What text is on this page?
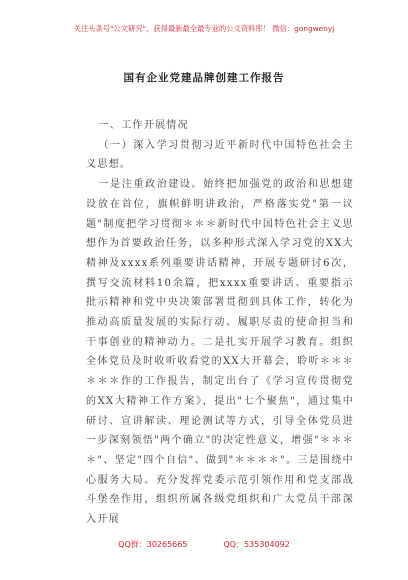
关注头条号"公文研究"，获得最新最全最专业的公文资料库！ 微信：gongwenyj
国有企业党建品牌创建工作报告

一、工作开展情况

（一）深入学习贯彻习近平新时代中国特色社会主义思想。

一是注重政治建设。始终把加强党的政治和思想建设放在首位，旗帜鲜明讲政治，严格落实党"第一议题"制度把学习贯彻＊＊＊新时代中国特色社会主义思想作为首要政治任务，以多种形式深入学习党的XX大精神及xxxx系列重要讲话精神，开展专题研讨6次，撰写交流材料10余篇，把xxxx重要讲话、重要指示批示精神和党中央决策部署贯彻到具体工作，转化为推动高质量发展的实际行动、履职尽责的使命担当和干事创业的精神动力。二是扎实开展学习教育。组织全体党员及时收听收看党的XX大开幕会，聆听＊＊＊＊＊＊作的工作报告，制定出台了《学习宣传贯彻党的XX大精神工作方案》，提出"七个聚焦"，通过集中研讨、宣讲解读、理论测试等方式，引导全体党员进一步深刻领悟"两个确立"的决定性意义，增强"＊＊＊＊"、坚定"四个自信"、做到"＊＊＊＊"。三是围绕中心服务大局。充分发挥党委示范引领作用和党支部战斗堡垒作用，组织所属各级党组织和广大党员干部深入开展

QQ群：30265665	QQ：535304092
